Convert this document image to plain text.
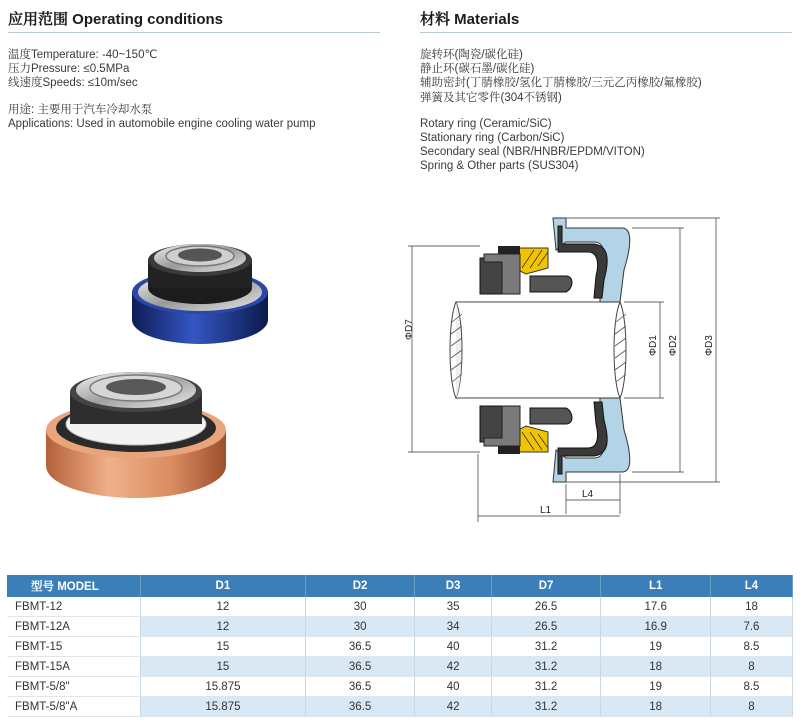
应用范围 Operating conditions
温度Temperature: -40~150℃
压力Pressure: ≤0.5MPa
线速度Speeds: ≤10m/sec
用途: 主要用于汽车冷却水泵
Applications: Used in automobile engine cooling water pump
材料 Materials
旋转环(陶瓷/碳化硅)
静止环(碳石墨/碳化硅)
辅助密封(丁腈橡胶/氢化丁腈橡胶/三元乙丙橡胶/氟橡胶)
弹簧及其它零件(304不锈钢)
Rotary ring (Ceramic/SiC)
Stationary ring (Carbon/SiC)
Secondary seal (NBR/HNBR/EPDM/VITON)
Spring & Other parts (SUS304)
ΦD7
ΦD1 ΦD2	ΦD3
L4
L1
型号 MODEL	D1	D2	D3	D7	L1	L4
FBMT-12	12	30	35	26.5	17.6	18
FBMT-12A	12	30	34	26.5	16.9	7.6
FBMT-15	15	36.5	40	31.2	19	8.5
FBMT-15A	15	36.5	42	31.2	18	8
FBMT-5/8"	15.875	36.5	40	31.2	19	8.5
FBMT-5/8"A	15.875	36.5	42	31.2	18	8
